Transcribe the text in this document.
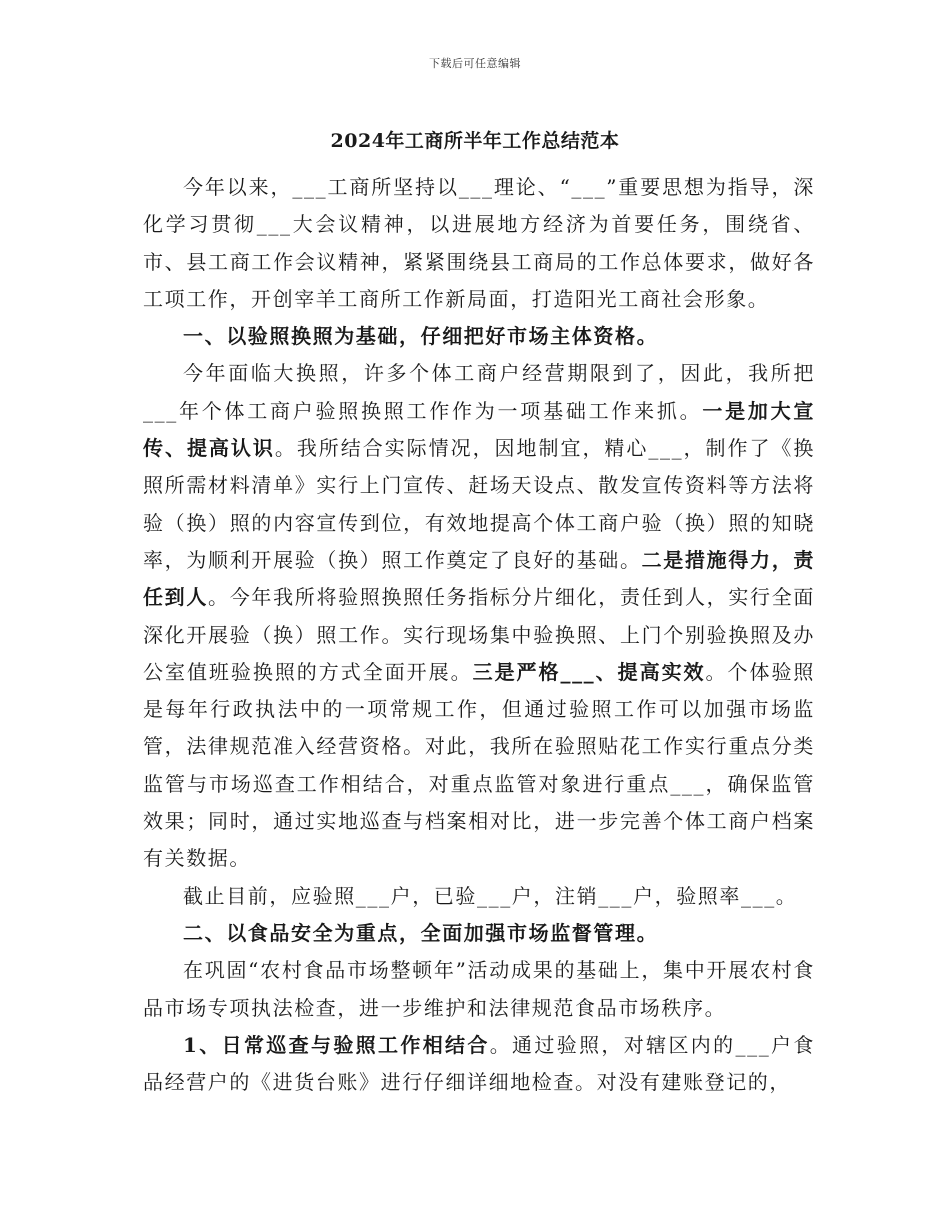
下载后可任意编辑
2024年工商所半年工作总结范本

今年以来，___工商所坚持以___理论、“___”重要思想为指导，深化学习贯彻___大会议精神，以进展地方经济为首要任务，围绕省、市、县工商工作会议精神，紧紧围绕县工商局的工作总体要求，做好各工项工作，开创宰羊工商所工作新局面，打造阳光工商社会形象。

一、以验照换照为基础，仔细把好市场主体资格。

今年面临大换照，许多个体工商户经营期限到了，因此，我所把___年个体工商户验照换照工作作为一项基础工作来抓。一是加大宣传、提高认识。我所结合实际情况，因地制宜，精心___，制作了《换照所需材料清单》实行上门宣传、赶场天设点、散发宣传资料等方法将验（换）照的内容宣传到位，有效地提高个体工商户验（换）照的知晓率，为顺利开展验（换）照工作奠定了良好的基础。二是措施得力，责任到人。今年我所将验照换照任务指标分片细化，责任到人，实行全面深化开展验（换）照工作。实行现场集中验换照、上门个别验换照及办公室值班验换照的方式全面开展。三是严格___、提高实效。个体验照是每年行政执法中的一项常规工作，但通过验照工作可以加强市场监管，法律规范准入经营资格。对此，我所在验照贴花工作实行重点分类监管与市场巡查工作相结合，对重点监管对象进行重点___，确保监管效果；同时，通过实地巡查与档案相对比，进一步完善个体工商户档案有关数据。

截止目前，应验照___户，已验___户，注销___户，验照率___。

二、以食品安全为重点，全面加强市场监督管理。

在巩固“农村食品市场整顿年”活动成果的基础上，集中开展农村食品市场专项执法检查，进一步维护和法律规范食品市场秩序。

1、日常巡查与验照工作相结合。通过验照，对辖区内的___户食品经营户的《进货台账》进行仔细详细地检查。对没有建账登记的，
